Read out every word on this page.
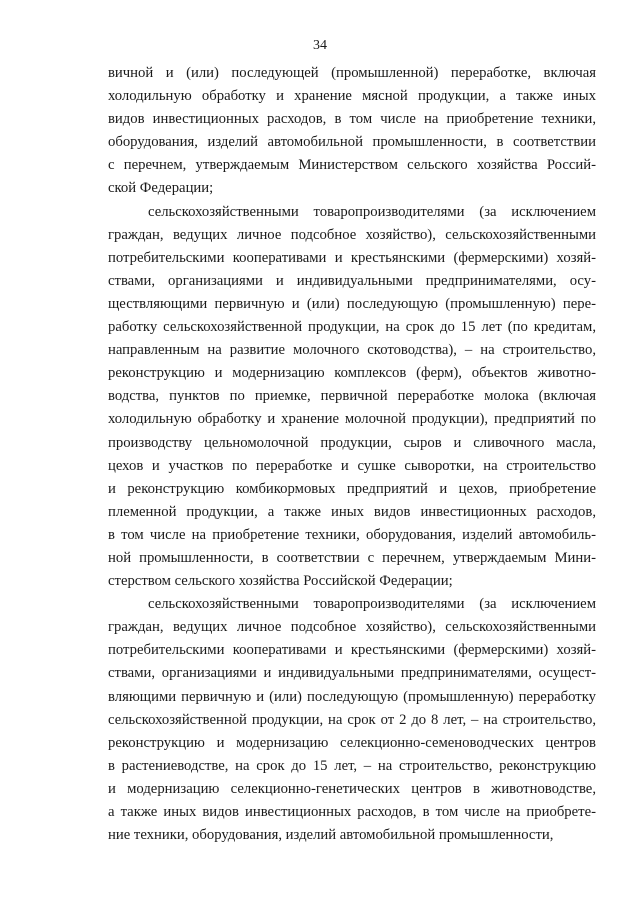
34
вичной и (или) последующей (промышленной) переработке, включая
холодильную обработку и хранение мясной продукции, а также иных
видов инвестиционных расходов, в том числе на приобретение техники,
оборудования, изделий автомобильной промышленности, в соответствии
с перечнем, утверждаемым Министерством сельского хозяйства Россий-
ской Федерации;
сельскохозяйственными товаропроизводителями (за исключением
граждан, ведущих личное подсобное хозяйство), сельскохозяйственными
потребительскими кооперативами и крестьянскими (фермерскими) хозяй-
ствами, организациями и индивидуальными предпринимателями, осу-
ществляющими первичную и (или) последующую (промышленную) пере-
работку сельскохозяйственной продукции, на срок до 15 лет (по кредитам,
направленным на развитие молочного скотоводства), – на строительство,
реконструкцию и модернизацию комплексов (ферм), объектов животно-
водства, пунктов по приемке, первичной переработке молока (включая
холодильную обработку и хранение молочной продукции), предприятий по
производству цельномолочной продукции, сыров и сливочного масла,
цехов и участков по переработке и сушке сыворотки, на строительство
и реконструкцию комбикормовых предприятий и цехов, приобретение
племенной продукции, а также иных видов инвестиционных расходов,
в том числе на приобретение техники, оборудования, изделий автомобиль-
ной промышленности, в соответствии с перечнем, утверждаемым Мини-
стерством сельского хозяйства Российской Федерации;
сельскохозяйственными товаропроизводителями (за исключением
граждан, ведущих личное подсобное хозяйство), сельскохозяйственными
потребительскими кооперативами и крестьянскими (фермерскими) хозяй-
ствами, организациями и индивидуальными предпринимателями, осущест-
вляющими первичную и (или) последующую (промышленную) переработку
сельскохозяйственной продукции, на срок от 2 до 8 лет, – на строительство,
реконструкцию и модернизацию селекционно-семеноводческих центров
в растениеводстве, на срок до 15 лет, – на строительство, реконструкцию
и модернизацию селекционно-генетических центров в животноводстве,
а также иных видов инвестиционных расходов, в том числе на приобрете-
ние техники, оборудования, изделий автомобильной промышленности,
